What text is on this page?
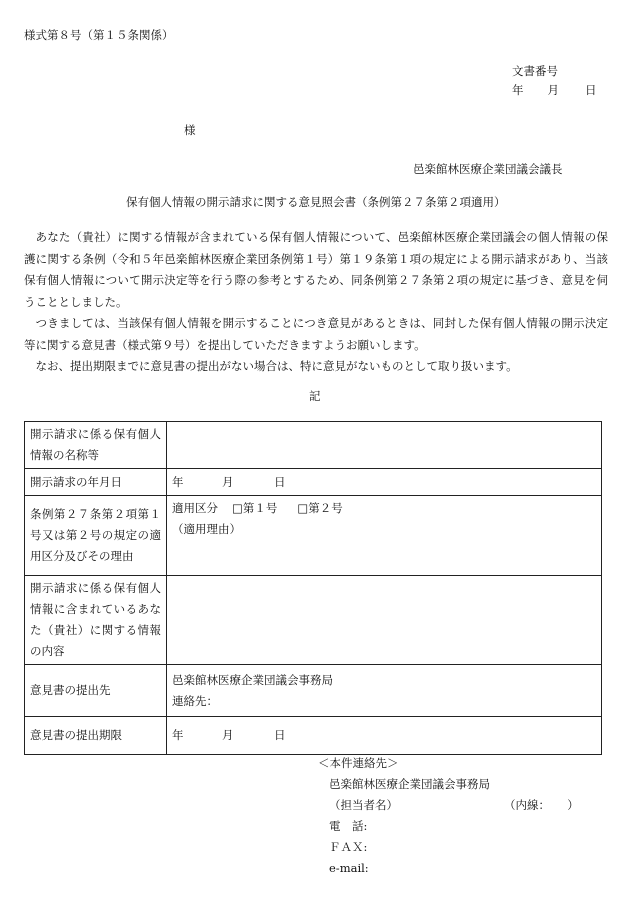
様式第８号（第１５条関係）
文書番号
年 月 日
様
邑楽館林医療企業団議会議長
保有個人情報の開示請求に関する意見照会書（条例第２７条第２項適用）

あなた（貴社）に関する情報が含まれている保有個人情報について、邑楽館林医療企業団議会の個人情報の保護に関する条例（令和５年邑楽館林医療企業団条例第１号）第１９条第１項の規定による開示請求があり、当該保有個人情報について開示決定等を行う際の参考とするため、同条例第２７条第２項の規定に基づき、意見を伺うこととしました。

つきましては、当該保有個人情報を開示することにつき意見があるときは、同封した保有個人情報の開示決定等に関する意見書（様式第９号）を提出していただきますようお願いします。

なお、提出期限までに意見書の提出がない場合は、特に意見がないものとして取り扱います。

記
開示請求に係る保有個人情報の名称等	
開示請求の年月日	年 月 日
条例第２７条第２項第１号又は第２号の規定の適用区分及びその理由	適用区分 □第１号 □第２号
（適用理由）

開示請求に係る保有個人情報に含まれているあなた（貴社）に関する情報の内容	
意見書の提出先	邑楽館林医療企業団議会事務局
連絡先：

意見書の提出期限	年 月 日
＜本件連絡先＞
邑楽館林医療企業団議会事務局
（担当者名）	（内線：　　）
電　話:
ＦＡＸ:
e-mail:
